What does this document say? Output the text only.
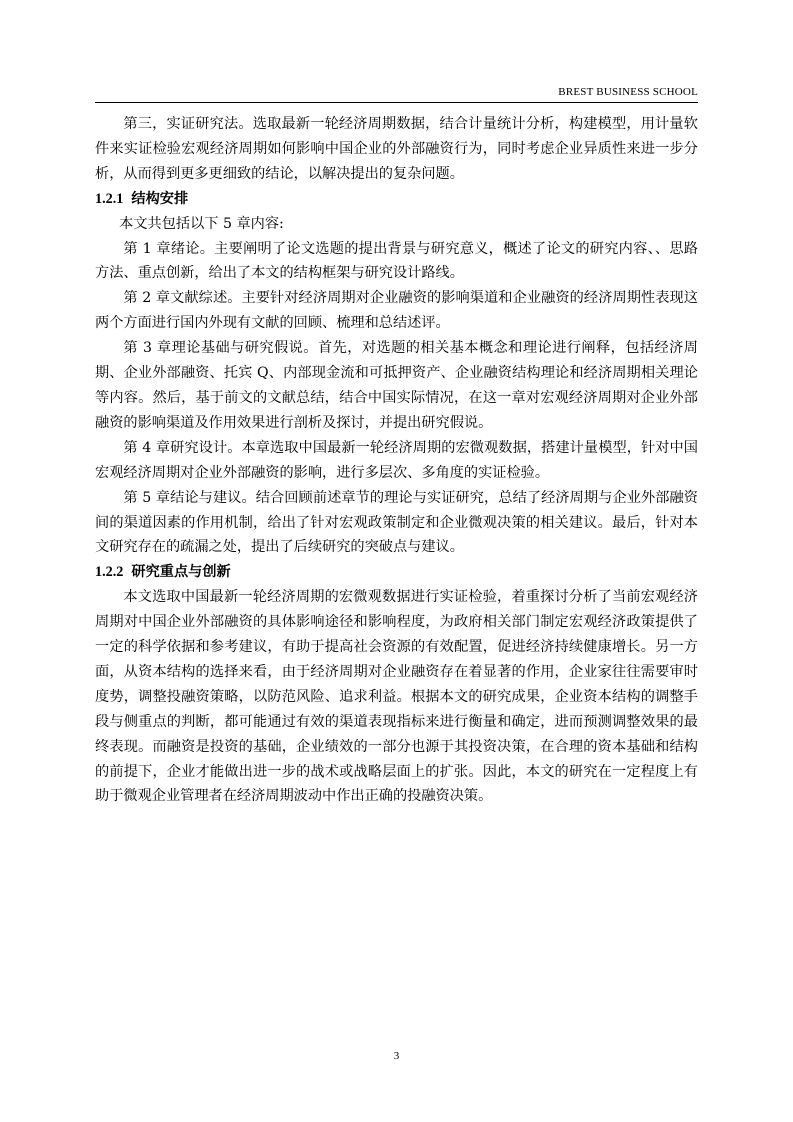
BREST BUSINESS SCHOOL

第三，实证研究法。选取最新一轮经济周期数据，结合计量统计分析，构建模型，用计量软件来实证检验宏观经济周期如何影响中国企业的外部融资行为，同时考虑企业异质性来进一步分析，从而得到更多更细致的结论，以解决提出的复杂问题。

1.2.1 结构安排

本文共包括以下 5 章内容:

第 1 章绪论。主要阐明了论文选题的提出背景与研究意义，概述了论文的研究内容、、思路方法、重点创新，给出了本文的结构框架与研究设计路线。

第 2 章文献综述。主要针对经济周期对企业融资的影响渠道和企业融资的经济周期性表现这两个方面进行国内外现有文献的回顾、梳理和总结述评。

第 3 章理论基础与研究假说。首先，对选题的相关基本概念和理论进行阐释，包括经济周期、企业外部融资、托宾 Q、内部现金流和可抵押资产、企业融资结构理论和经济周期相关理论等内容。然后，基于前文的文献总结，结合中国实际情况，在这一章对宏观经济周期对企业外部融资的影响渠道及作用效果进行剖析及探讨，并提出研究假说。

第 4 章研究设计。本章选取中国最新一轮经济周期的宏微观数据，搭建计量模型，针对中国宏观经济周期对企业外部融资的影响，进行多层次、多角度的实证检验。

第 5 章结论与建议。结合回顾前述章节的理论与实证研究，总结了经济周期与企业外部融资间的渠道因素的作用机制，给出了针对宏观政策制定和企业微观决策的相关建议。最后，针对本文研究存在的疏漏之处，提出了后续研究的突破点与建议。

1.2.2 研究重点与创新

本文选取中国最新一轮经济周期的宏微观数据进行实证检验，着重探讨分析了当前宏观经济周期对中国企业外部融资的具体影响途径和影响程度，为政府相关部门制定宏观经济政策提供了一定的科学依据和参考建议，有助于提高社会资源的有效配置，促进经济持续健康增长。另一方面，从资本结构的选择来看，由于经济周期对企业融资存在着显著的作用，企业家往往需要审时度势，调整投融资策略，以防范风险、追求利益。根据本文的研究成果，企业资本结构的调整手段与侧重点的判断，都可能通过有效的渠道表现指标来进行衡量和确定，进而预测调整效果的最终表现。而融资是投资的基础，企业绩效的一部分也源于其投资决策，在合理的资本基础和结构的前提下，企业才能做出进一步的战术或战略层面上的扩张。因此，本文的研究在一定程度上有助于微观企业管理者在经济周期波动中作出正确的投融资决策。

3
